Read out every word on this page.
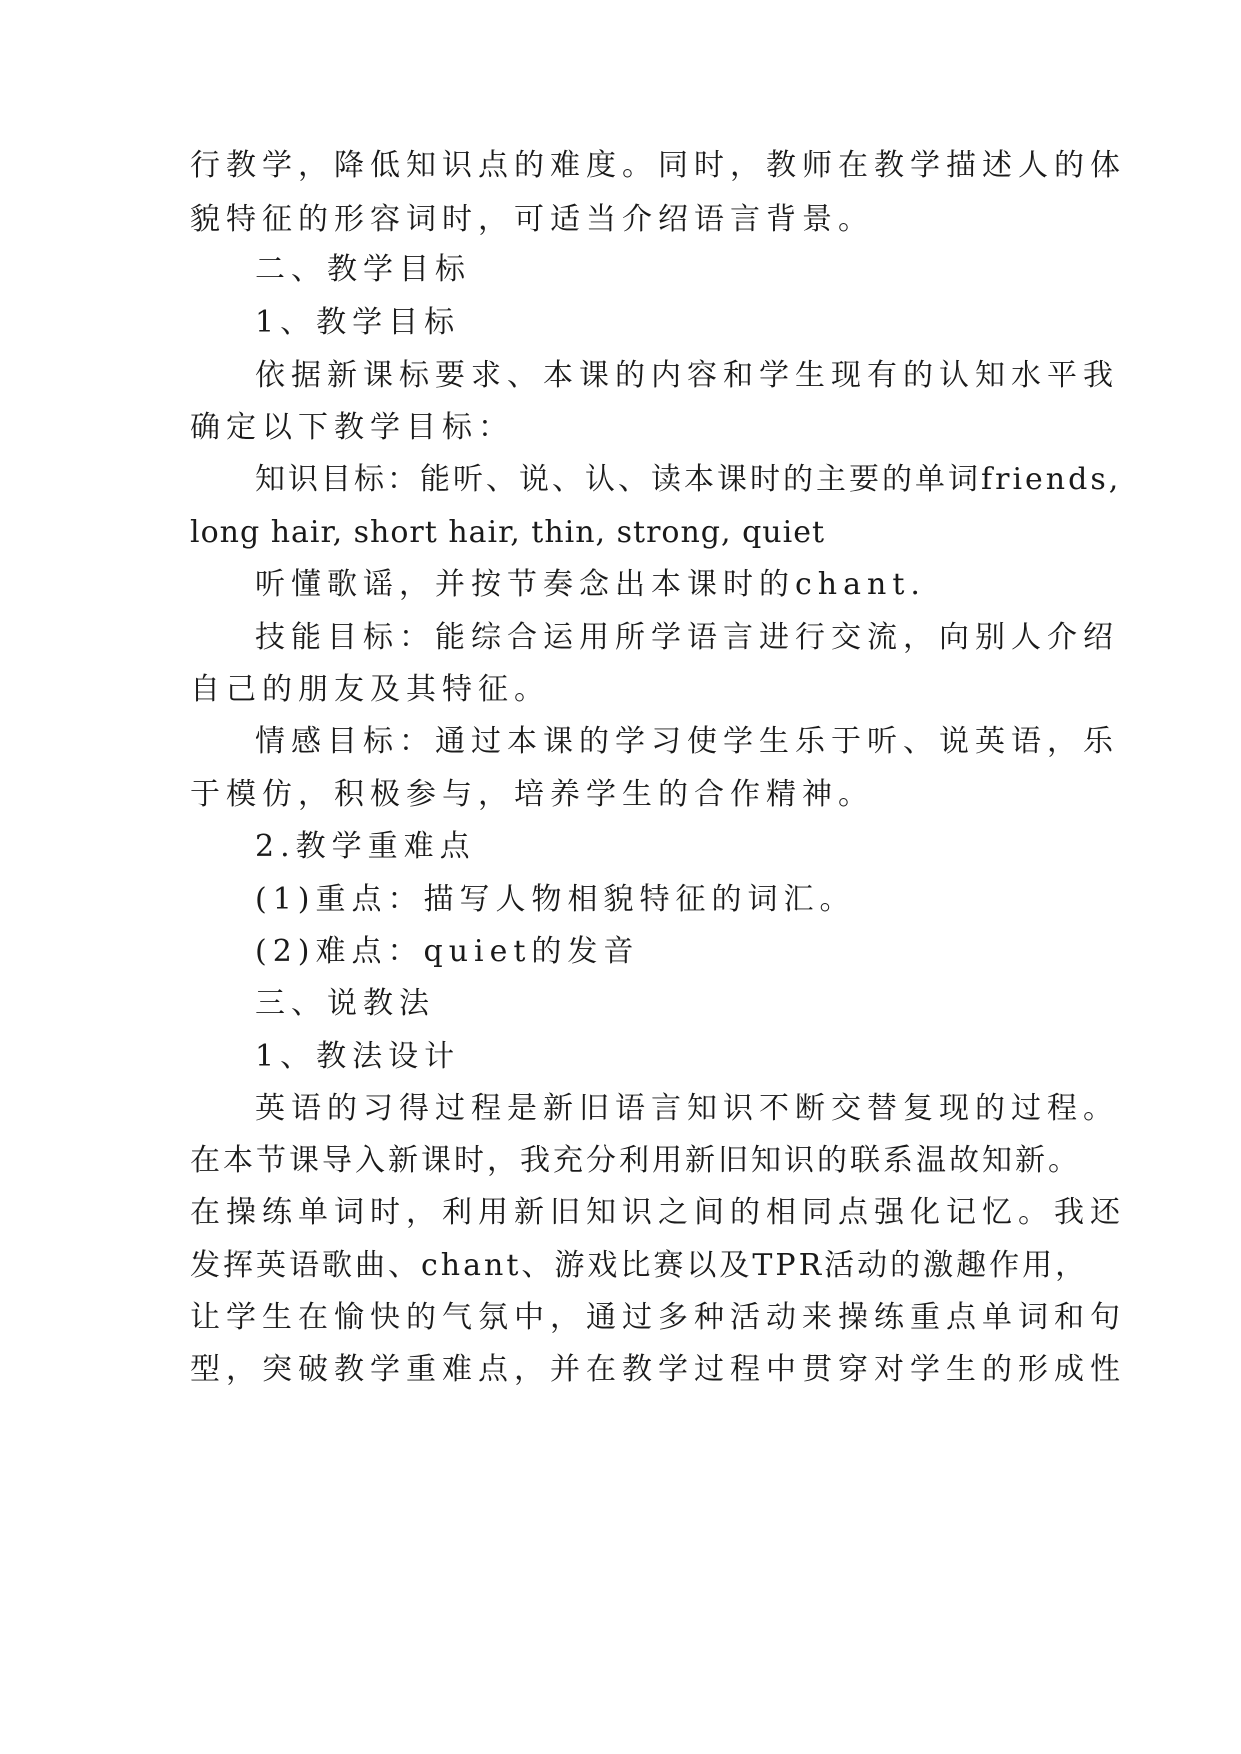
行教学，降低知识点的难度。同时，教师在教学描述人的体
貌特征的形容词时，可适当介绍语言背景。
二、教学目标
1、教学目标
依据新课标要求、本课的内容和学生现有的认知水平我
确定以下教学目标：
知识目标：能听、说、认、读本课时的主要的单词friends,
long hair, short hair, thin, strong, quiet
听懂歌谣，并按节奏念出本课时的chant.
技能目标：能综合运用所学语言进行交流，向别人介绍
自己的朋友及其特征。
情感目标：通过本课的学习使学生乐于听、说英语，乐
于模仿，积极参与，培养学生的合作精神。
2.教学重难点
(1)重点：描写人物相貌特征的词汇。
(2)难点：quiet的发音
三、说教法
1、教法设计
英语的习得过程是新旧语言知识不断交替复现的过程。
在本节课导入新课时，我充分利用新旧知识的联系温故知新。
在操练单词时，利用新旧知识之间的相同点强化记忆。我还
发挥英语歌曲、chant、游戏比赛以及TPR活动的激趣作用，
让学生在愉快的气氛中，通过多种活动来操练重点单词和句
型，突破教学重难点，并在教学过程中贯穿对学生的形成性
